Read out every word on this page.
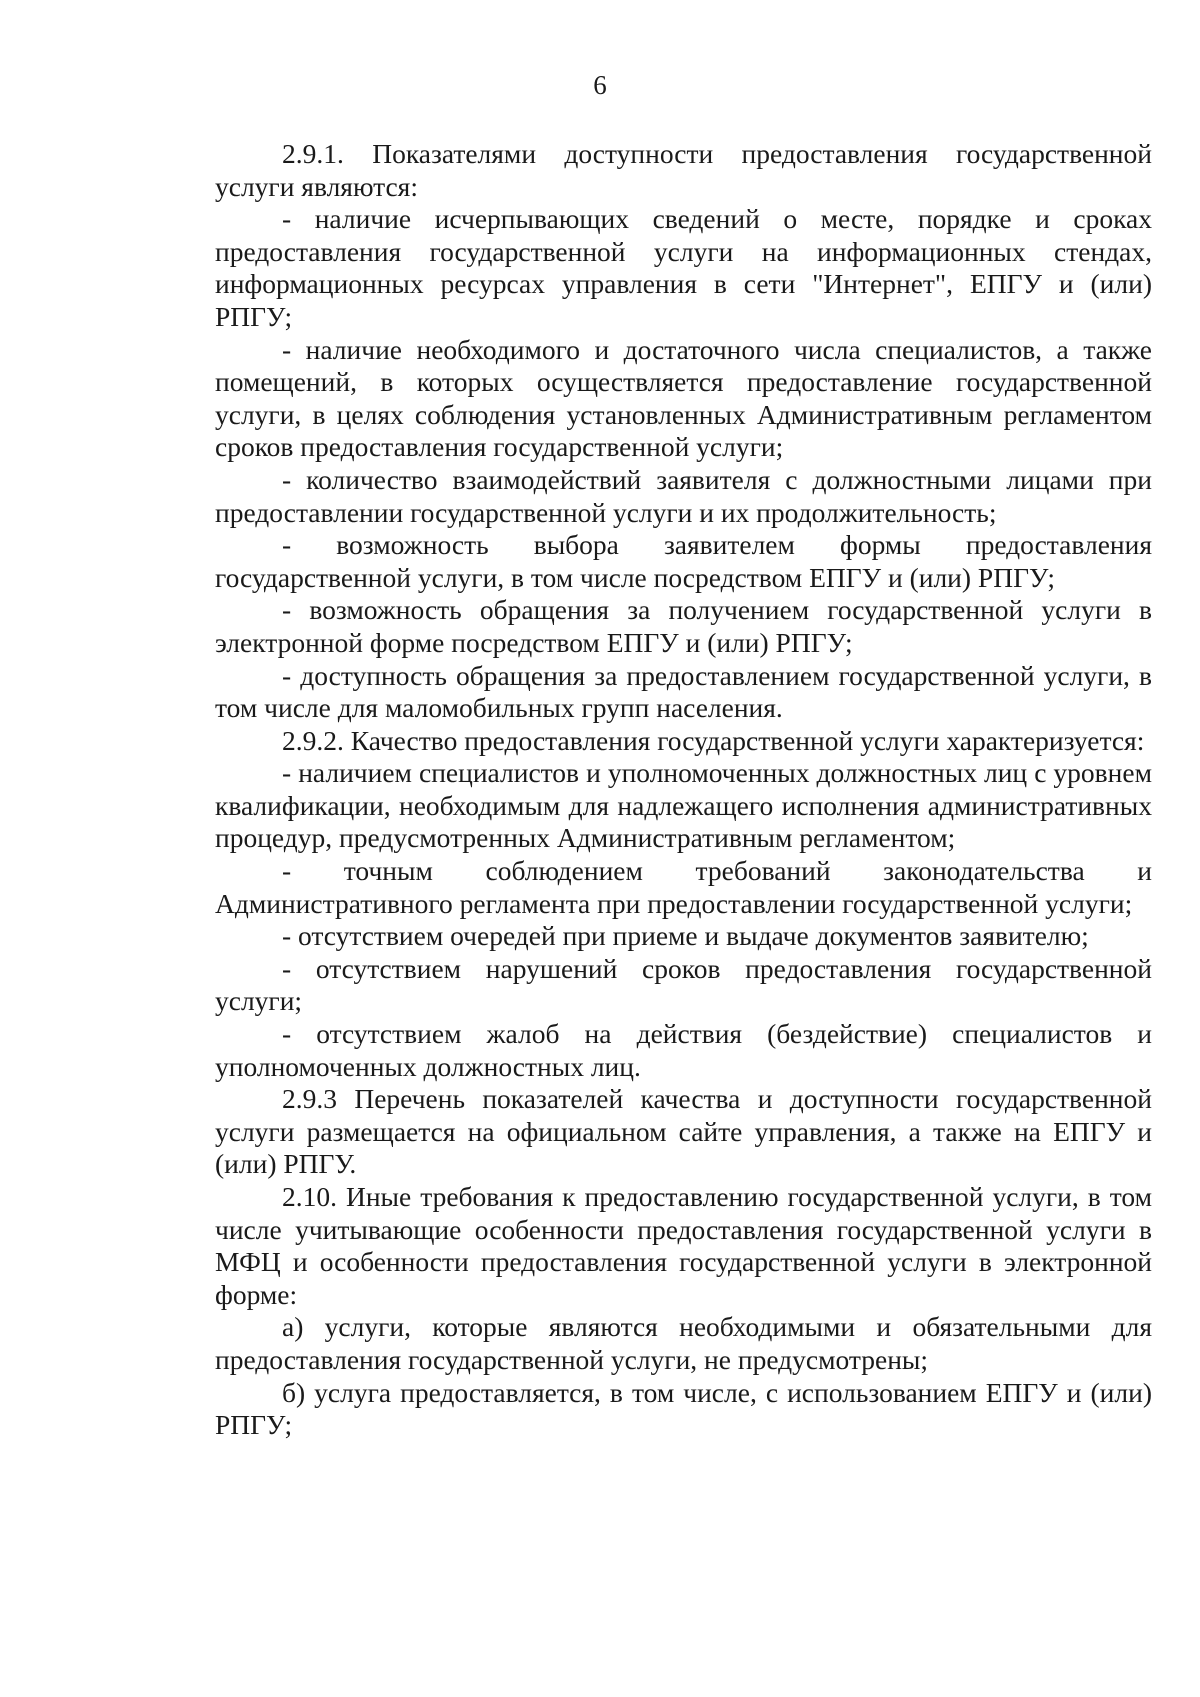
6

2.9.1. Показателями доступности предоставления государственной услуги являются:

- наличие исчерпывающих сведений о месте, порядке и сроках предоставления государственной услуги на информационных стендах, информационных ресурсах управления в сети "Интернет", ЕПГУ и (или) РПГУ;

- наличие необходимого и достаточного числа специалистов, а также помещений, в которых осуществляется предоставление государственной услуги, в целях соблюдения установленных Административным регламентом сроков предоставления государственной услуги;

- количество взаимодействий заявителя с должностными лицами при предоставлении государственной услуги и их продолжительность;

- возможность выбора заявителем формы предоставления государственной услуги, в том числе посредством ЕПГУ и (или) РПГУ;

- возможность обращения за получением государственной услуги в электронной форме посредством ЕПГУ и (или) РПГУ;

- доступность обращения за предоставлением государственной услуги, в том числе для маломобильных групп населения.

2.9.2. Качество предоставления государственной услуги характеризуется:

- наличием специалистов и уполномоченных должностных лиц с уровнем квалификации, необходимым для надлежащего исполнения административных процедур, предусмотренных Административным регламентом;

- точным соблюдением требований законодательства и Административного регламента при предоставлении государственной услуги;

- отсутствием очередей при приеме и выдаче документов заявителю;

- отсутствием нарушений сроков предоставления государственной услуги;

- отсутствием жалоб на действия (бездействие) специалистов и уполномоченных должностных лиц.

2.9.3 Перечень показателей качества и доступности государственной услуги размещается на официальном сайте управления, а также на ЕПГУ и (или) РПГУ.

2.10. Иные требования к предоставлению государственной услуги, в том числе учитывающие особенности предоставления государственной услуги в МФЦ и особенности предоставления государственной услуги в электронной форме:

а) услуги, которые являются необходимыми и обязательными для предоставления государственной услуги, не предусмотрены;

б) услуга предоставляется, в том числе, с использованием ЕПГУ и (или) РПГУ;
